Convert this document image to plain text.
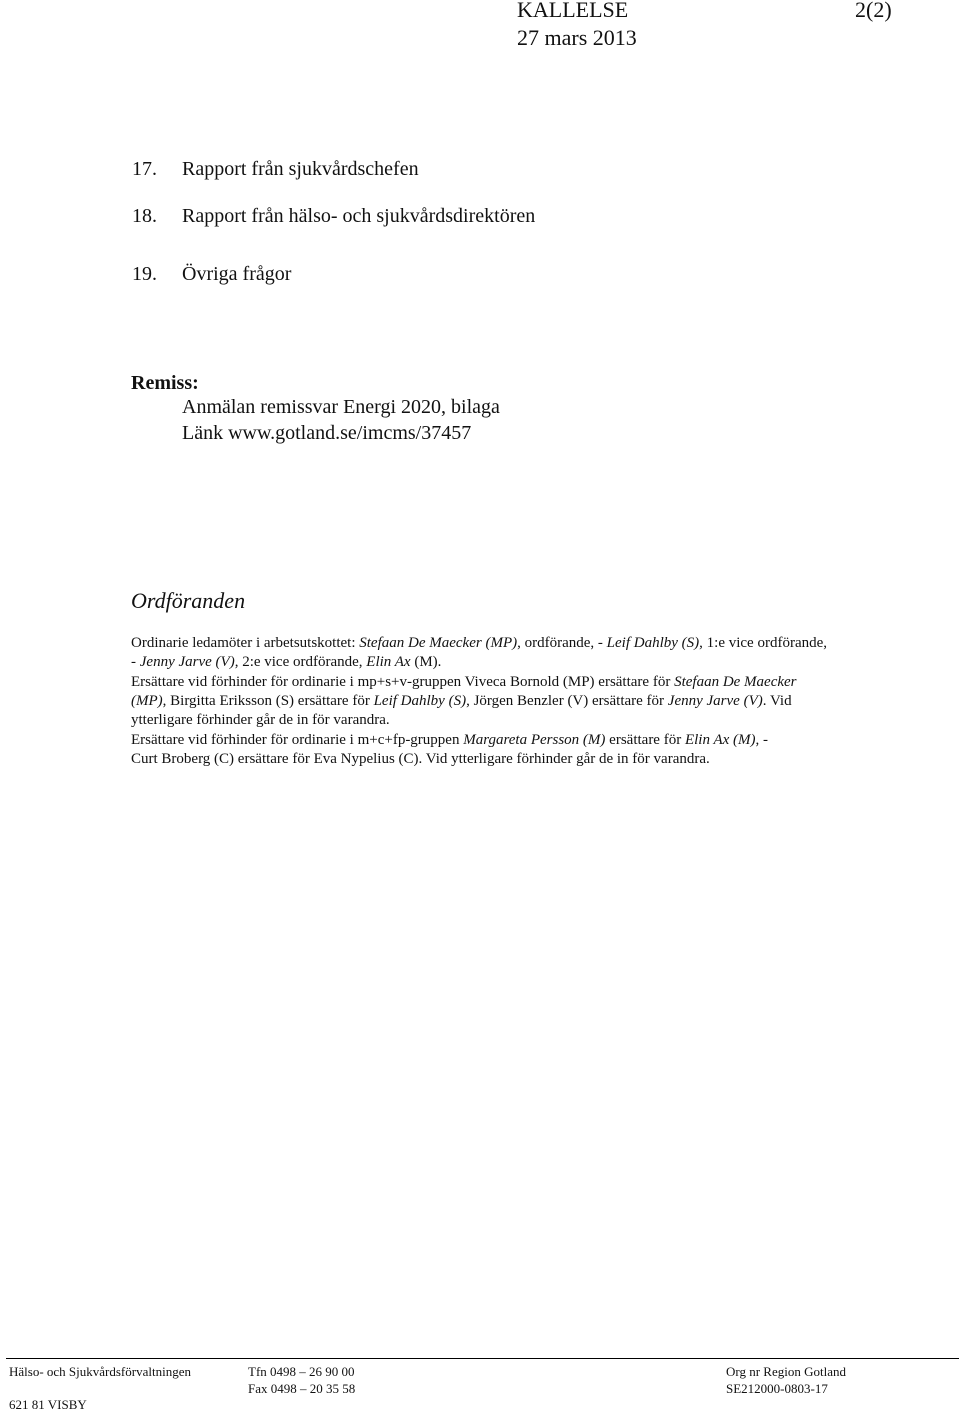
KALLELSE	2(2)
27 mars 2013
17. Rapport från sjukvårdschefen
18. Rapport från hälso- och sjukvårdsdirektören
19. Övriga frågor
Remiss:
Anmälan remissvar Energi 2020, bilaga
Länk www.gotland.se/imcms/37457
Ordföranden
Ordinarie ledamöter i arbetsutskottet: Stefaan De Maecker (MP), ordförande, - Leif Dahlby (S), 1:e vice ordförande, - Jenny Jarve (V), 2:e vice ordförande, Elin Ax (M).
Ersättare vid förhinder för ordinarie i mp+s+v-gruppen Viveca Bornold (MP) ersättare för Stefaan De Maecker (MP), Birgitta Eriksson (S) ersättare för Leif Dahlby (S), Jörgen Benzler (V) ersättare för Jenny Jarve (V). Vid ytterligare förhinder går de in för varandra.
Ersättare vid förhinder för ordinarie i m+c+fp-gruppen Margareta Persson (M) ersättare för Elin Ax (M), - Curt Broberg (C) ersättare för Eva Nypelius (C). Vid ytterligare förhinder går de in för varandra.
Hälso- och Sjukvårdsförvaltningen
621 81 VISBY
Tfn 0498 – 26 90 00
Fax 0498 – 20 35 58
Org nr Region Gotland
SE212000-0803-17
